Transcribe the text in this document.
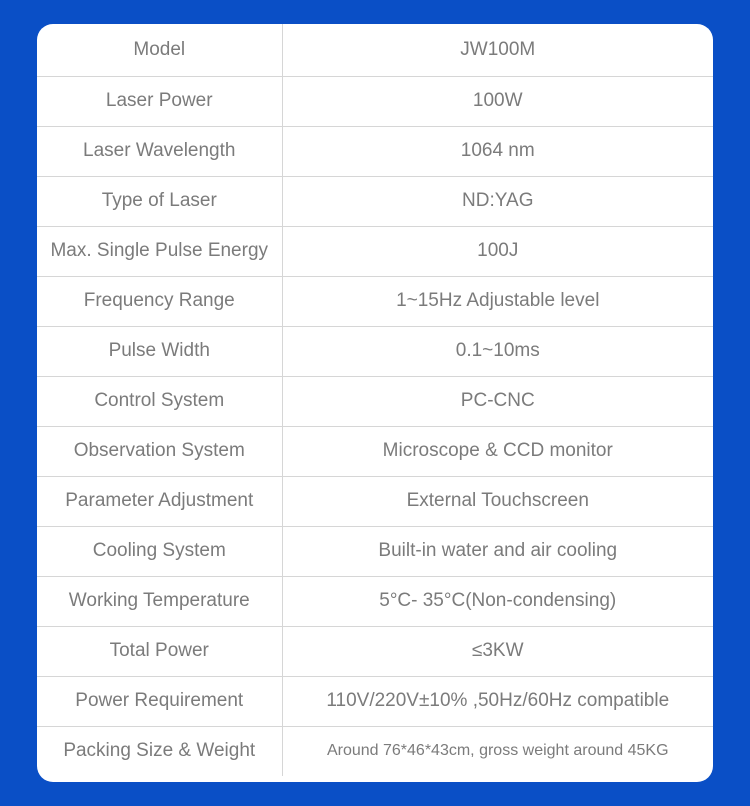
Model	JW100M
Laser Power	100W
Laser Wavelength	1064 nm
Type of Laser	ND:YAG
Max. Single Pulse Energy	100J
Frequency Range	1~15Hz Adjustable level
Pulse Width	0.1~10ms
Control System	PC-CNC
Observation System	Microscope & CCD monitor
Parameter Adjustment	External Touchscreen
Cooling System	Built-in water and air cooling
Working Temperature	5°C- 35°C(Non-condensing)
Total Power	≤3KW
Power Requirement	110V/220V±10% ,50Hz/60Hz compatible
Packing Size & Weight	Around 76*46*43cm, gross weight around 45KG
